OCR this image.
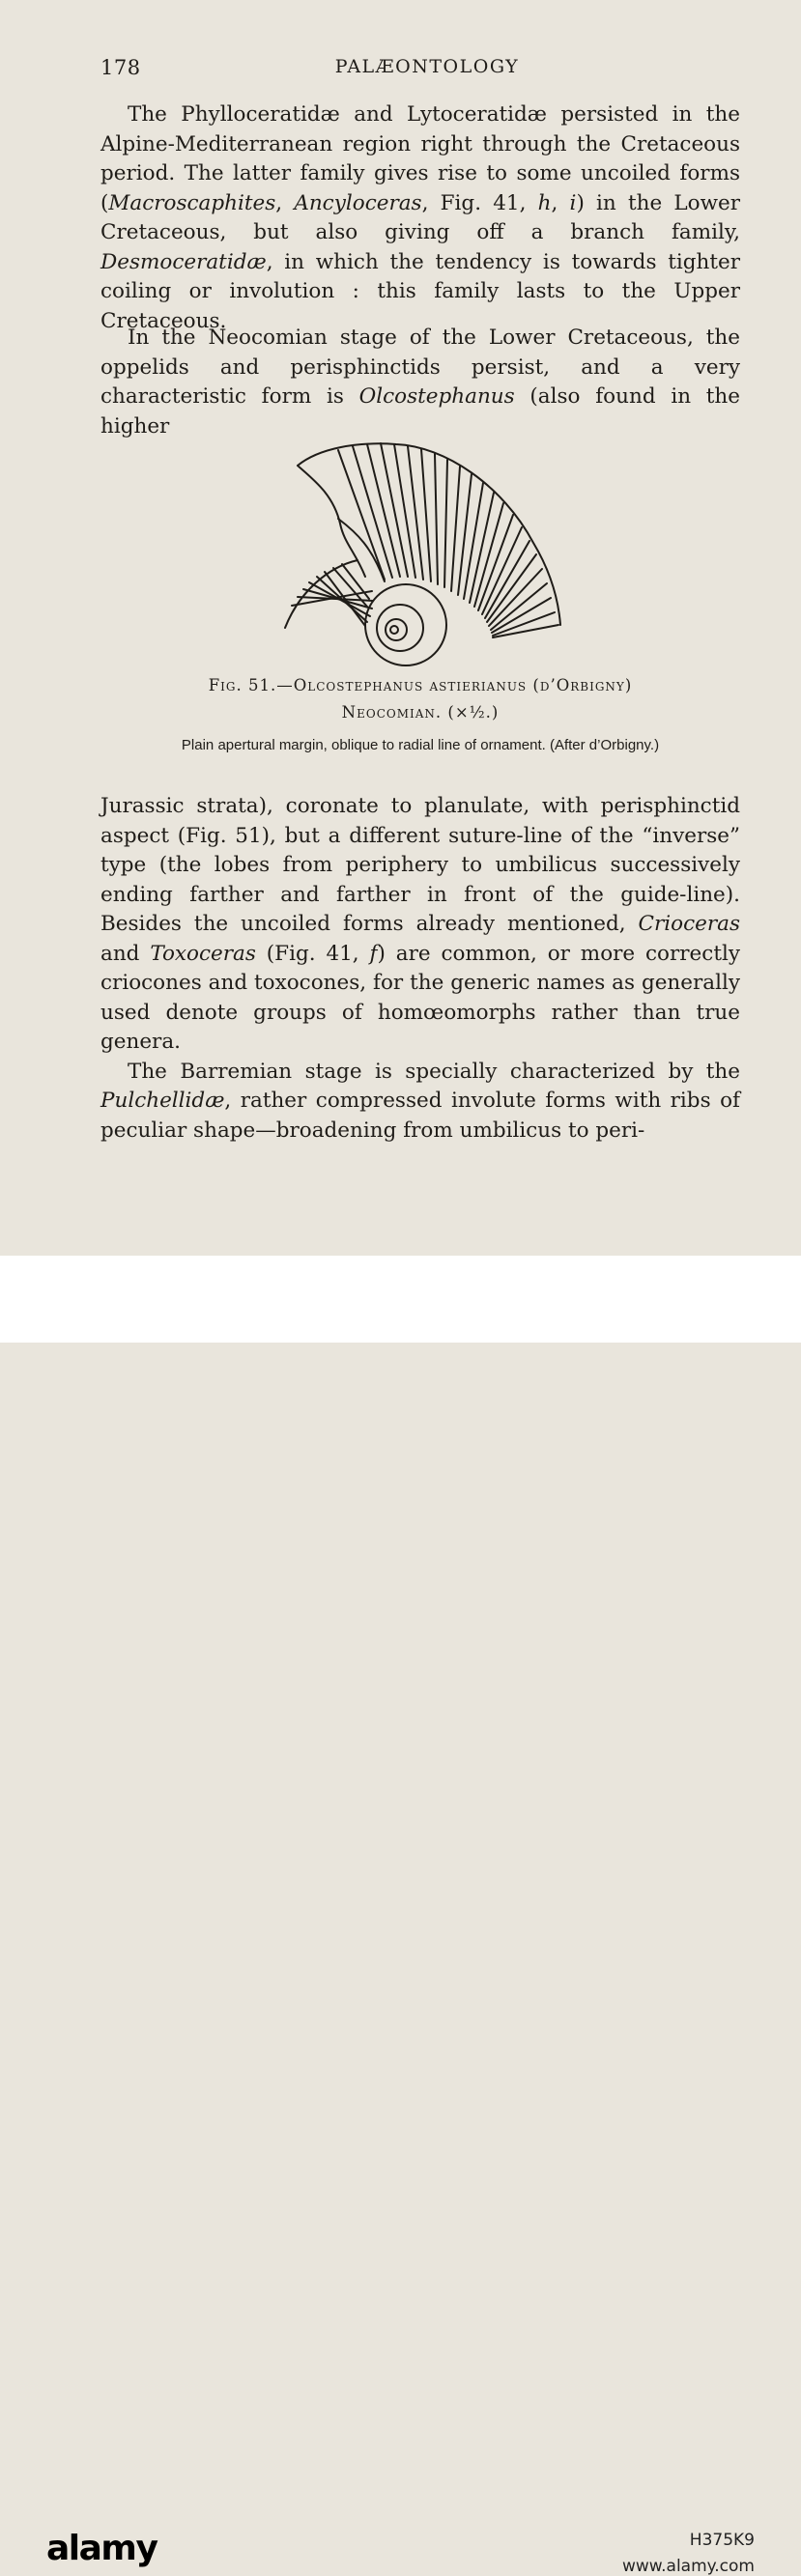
178	PALÆONTOLOGY

The Phylloceratidæ and Lytoceratidæ persisted in the Alpine-Mediterranean region right through the Cretaceous period. The latter family gives rise to some uncoiled forms (Macroscaphites, Ancyloceras, Fig. 41, h, i) in the Lower Cretaceous, but also giving off a branch family, Desmoceratidæ, in which the tendency is towards tighter coiling or involution : this family lasts to the Upper Cretaceous.

In the Neocomian stage of the Lower Cretaceous, the oppelids and perisphinctids persist, and a very characteristic form is Olcostephanus (also found in the higher

Fig. 51.—Olcostephanus astierianus (d’Orbigny)
Neocomian. (×½.)
Plain apertural margin, oblique to radial line of ornament. (After d’Orbigny.)

Jurassic strata), coronate to planulate, with perisphinctid aspect (Fig. 51), but a different suture-line of the “inverse” type (the lobes from periphery to umbilicus successively ending farther and farther in front of the guide-line). Besides the uncoiled forms already mentioned, Crioceras and Toxoceras (Fig. 41, f) are common, or more correctly criocones and toxocones, for the generic names as generally used denote groups of homœomorphs rather than true genera.

The Barremian stage is specially characterized by the Pulchellidæ, rather compressed involute forms with ribs of peculiar shape—broadening from umbilicus to peri-

alamy	H375K9
www.alamy.com
